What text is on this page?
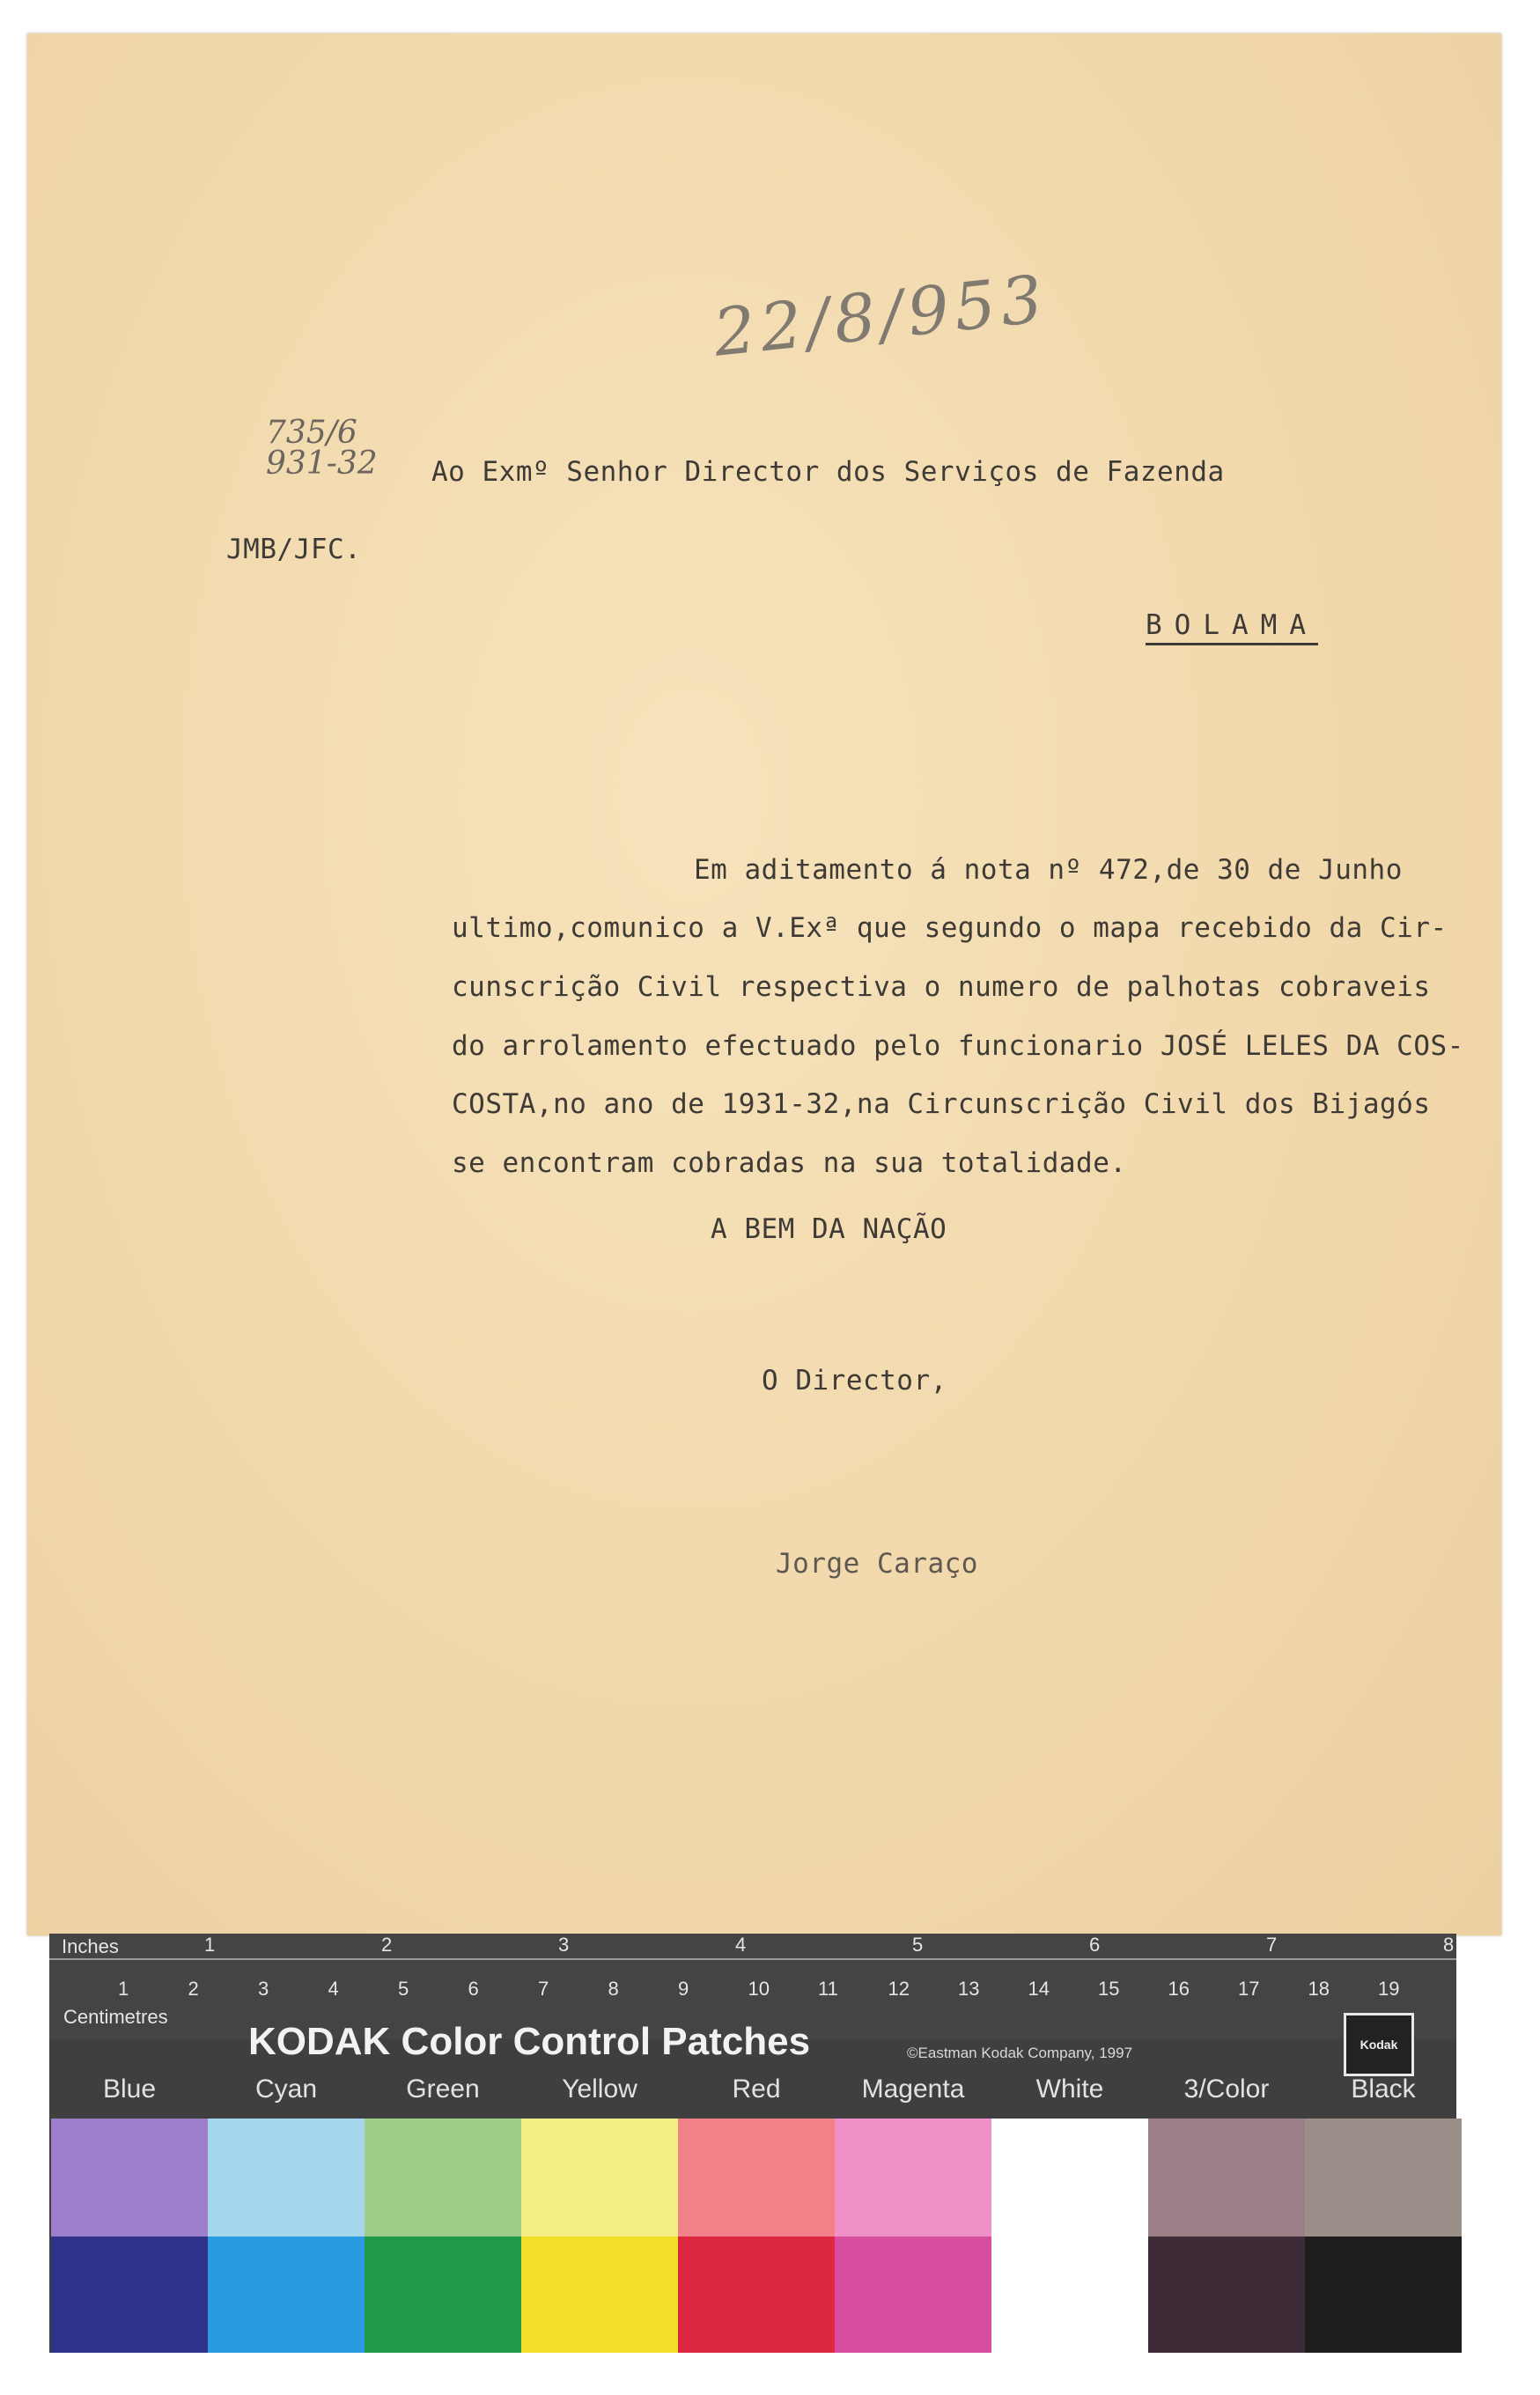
22/8/953

735/6

931-32 Ao Exmº Senhor Director dos Serviços de Fazenda

JMB/JFC.

BOLAMA

Em aditamento á nota nº 472,de 30 de Junho

ultimo,comunico a V.Exª que segundo o mapa recebido da Cir-

cunscrição Civil respectiva o numero de palhotas cobraveis

do arrolamento efectuado pelo funcionario JOSÉ LELES DA COS-

COSTA,no ano de 1931-32,na Circunscrição Civil dos Bijagós

se encontram cobradas na sua totalidade.

A BEM DA NAÇÃO

O Director,

Jorge Caraço

Inches

Centimetres

1	2	3	4	5	6	7	8

1	2	3	4	5	6	7	8	9	10	11	12	13	14	15	16	17	18	19

KODAK Color Control Patches	©Eastman Kodak Company, 1997	Kodak

Blue	Cyan	Green	Yellow	Red	Magenta	White	3/Color	Black
